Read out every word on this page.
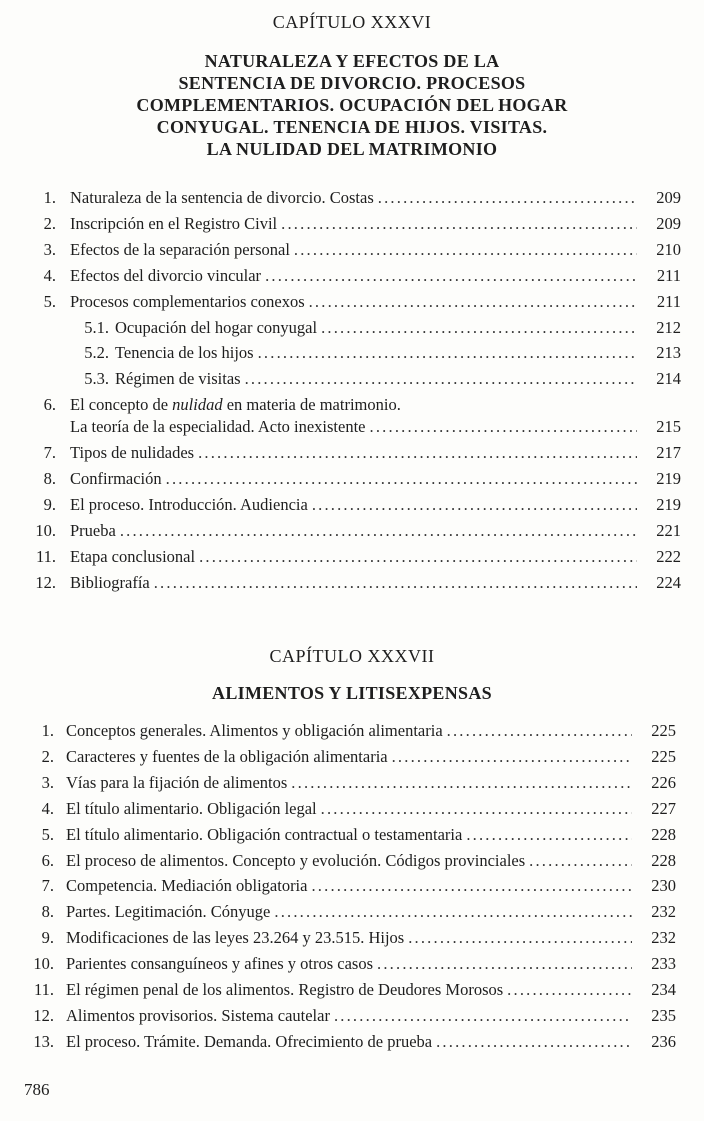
CAPÍTULO XXXVI
NATURALEZA Y EFECTOS DE LA
SENTENCIA DE DIVORCIO. PROCESOS
COMPLEMENTARIOS. OCUPACIÓN DEL HOGAR
CONYUGAL. TENENCIA DE HIJOS. VISITAS.
LA NULIDAD DEL MATRIMONIO
1. Naturaleza de la sentencia de divorcio. Costas .....	209
2. Inscripción en el Registro Civil .....	209
3. Efectos de la separación personal .....	210
4. Efectos del divorcio vincular .....	211
5. Procesos complementarios conexos .....	211
5.1. Ocupación del hogar conyugal .....	212
5.2. Tenencia de los hijos .....	213
5.3. Régimen de visitas .....	214
6. El concepto de nulidad en materia de matrimonio.
La teoría de la especialidad. Acto inexistente .....	215
7. Tipos de nulidades .....	217
8. Confirmación .....	219
9. El proceso. Introducción. Audiencia .....	219
10. Prueba .....	221
11. Etapa conclusional .....	222
12. Bibliografía .....	224
CAPÍTULO XXXVII
ALIMENTOS Y LITISEXPENSAS
1. Conceptos generales. Alimentos y obligación alimentaria .....	225
2. Caracteres y fuentes de la obligación alimentaria .....	225
3. Vías para la fijación de alimentos .....	226
4. El título alimentario. Obligación legal .....	227
5. El título alimentario. Obligación contractual o testamentaria .....	228
6. El proceso de alimentos. Concepto y evolución. Códigos provinciales .....	228
7. Competencia. Mediación obligatoria .....	230
8. Partes. Legitimación. Cónyuge .....	232
9. Modificaciones de las leyes 23.264 y 23.515. Hijos .....	232
10. Parientes consanguíneos y afines y otros casos .....	233
11. El régimen penal de los alimentos. Registro de Deudores Morosos .....	234
12. Alimentos provisorios. Sistema cautelar .....	235
13. El proceso. Trámite. Demanda. Ofrecimiento de prueba .....	236
786
